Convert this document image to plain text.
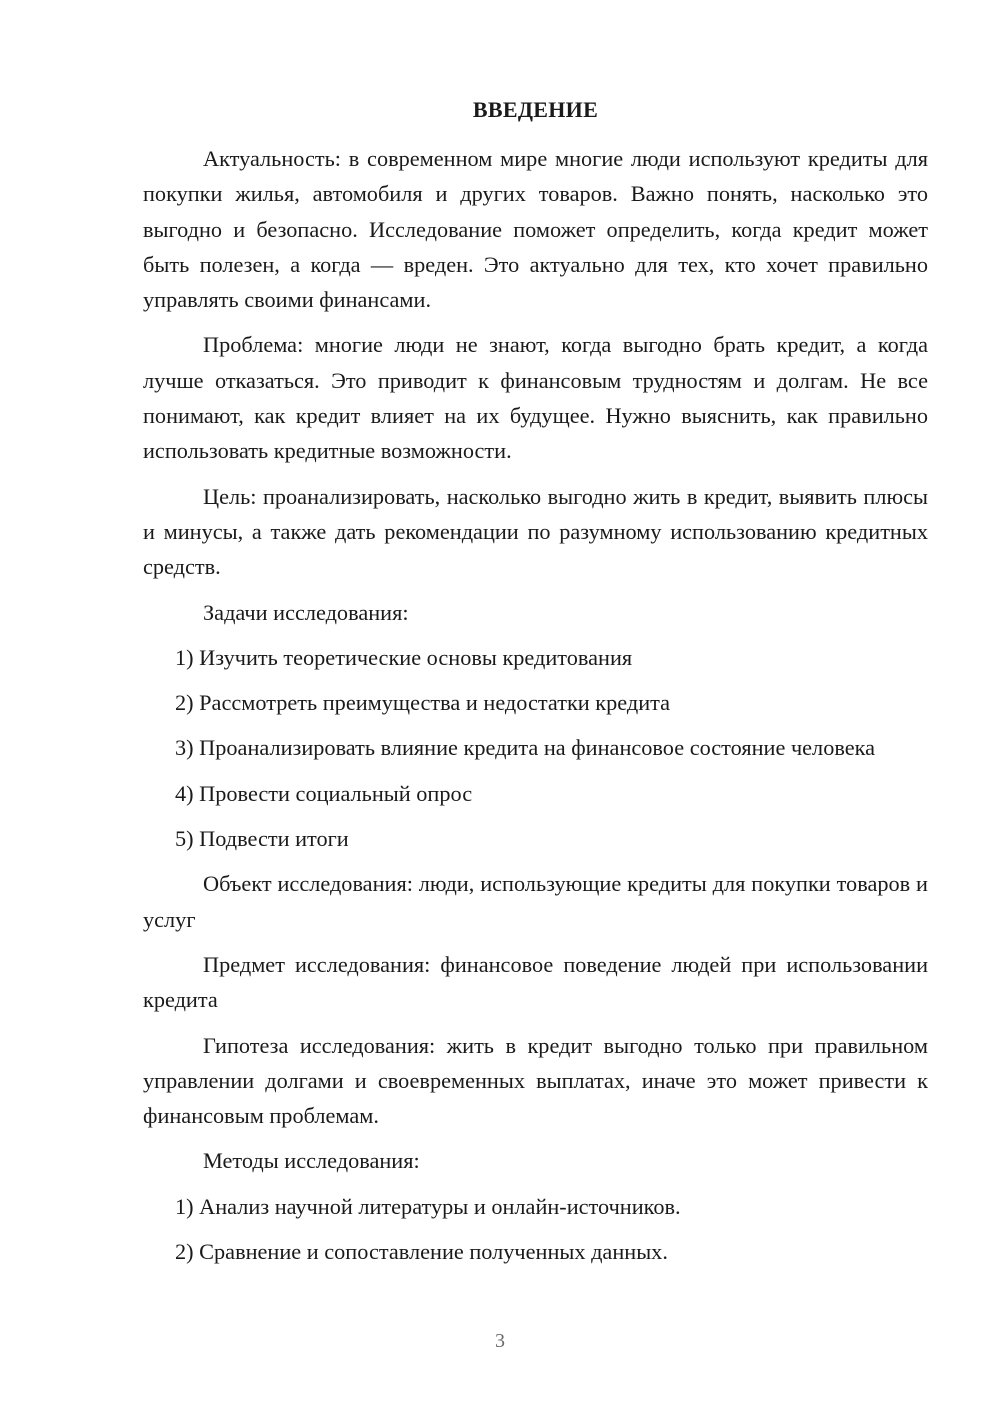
ВВЕДЕНИЕ

Актуальность: в современном мире многие люди используют кредиты для покупки жилья, автомобиля и других товаров. Важно понять, насколько это выгодно и безопасно. Исследование поможет определить, когда кредит может быть полезен, а когда — вреден. Это актуально для тех, кто хочет правильно управлять своими финансами.

Проблема: многие люди не знают, когда выгодно брать кредит, а когда лучше отказаться. Это приводит к финансовым трудностям и долгам. Не все понимают, как кредит влияет на их будущее. Нужно выяснить, как правильно использовать кредитные возможности.

Цель: проанализировать, насколько выгодно жить в кредит, выявить плюсы и минусы, а также дать рекомендации по разумному использованию кредитных средств.

Задачи исследования:

1) Изучить теоретические основы кредитования

2) Рассмотреть преимущества и недостатки кредита

3) Проанализировать влияние кредита на финансовое состояние человека

4) Провести социальный опрос

5) Подвести итоги

Объект исследования: люди, использующие кредиты для покупки товаров и услуг

Предмет исследования: финансовое поведение людей при использовании кредита

Гипотеза исследования: жить в кредит выгодно только при правильном управлении долгами и своевременных выплатах, иначе это может привести к финансовым проблемам.

Методы исследования:

1) Анализ научной литературы и онлайн-источников.

2) Сравнение и сопоставление полученных данных.

3
